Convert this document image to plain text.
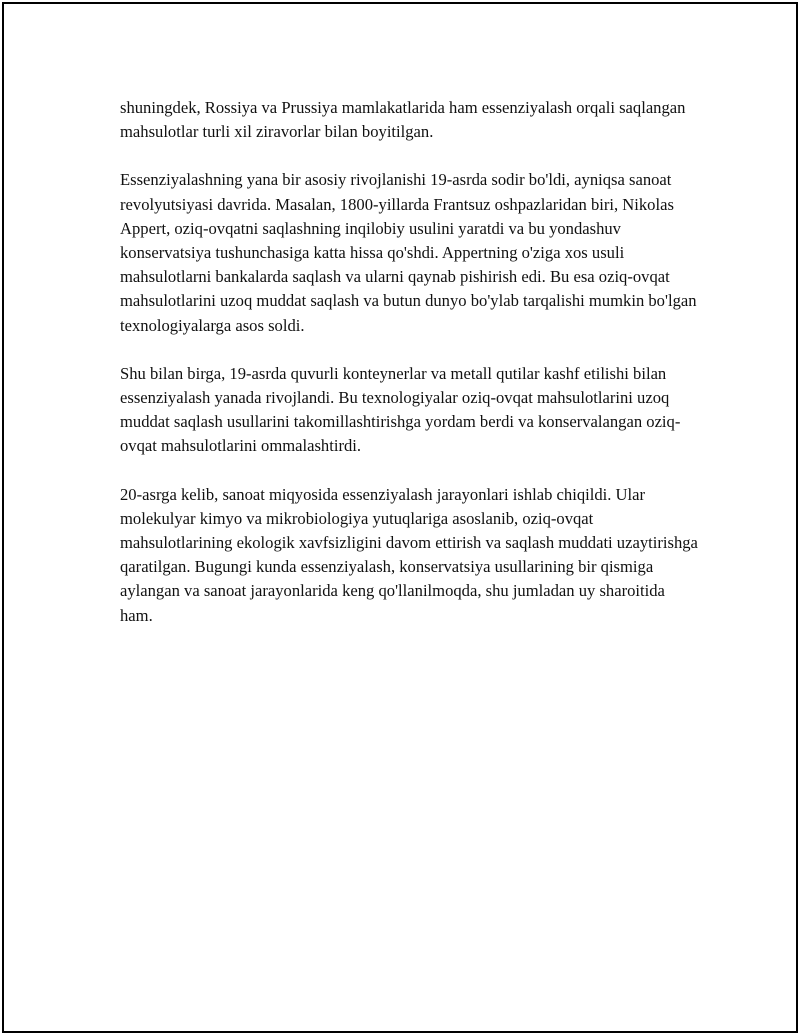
shuningdek, Rossiya va Prussiya mamlakatlarida ham essenziyalash orqali saqlangan mahsulotlar turli xil ziravorlar bilan boyitilgan.

Essenziyalashning yana bir asosiy rivojlanishi 19-asrda sodir bo'ldi, ayniqsa sanoat revolyutsiyasi davrida. Masalan, 1800-yillarda Frantsuz oshpazlaridan biri, Nikolas Appert, oziq-ovqatni saqlashning inqilobiy usulini yaratdi va bu yondashuv konservatsiya tushunchasiga katta hissa qo'shdi. Appertning o'ziga xos usuli mahsulotlarni bankalarda saqlash va ularni qaynab pishirish edi. Bu esa oziq-ovqat mahsulotlarini uzoq muddat saqlash va butun dunyo bo'ylab tarqalishi mumkin bo'lgan texnologiyalarga asos soldi.

Shu bilan birga, 19-asrda quvurli konteynerlar va metall qutilar kashf etilishi bilan essenziyalash yanada rivojlandi. Bu texnologiyalar oziq-ovqat mahsulotlarini uzoq muddat saqlash usullarini takomillashtirishga yordam berdi va konservalangan oziq-ovqat mahsulotlarini ommalashtirdi.

20-asrga kelib, sanoat miqyosida essenziyalash jarayonlari ishlab chiqildi. Ular molekulyar kimyo va mikrobiologiya yutuqlariga asoslanib, oziq-ovqat mahsulotlarining ekologik xavfsizligini davom ettirish va saqlash muddati uzaytirishga qaratilgan. Bugungi kunda essenziyalash, konservatsiya usullarining bir qismiga aylangan va sanoat jarayonlarida keng qo'llanilmoqda, shu jumladan uy sharoitida ham.
